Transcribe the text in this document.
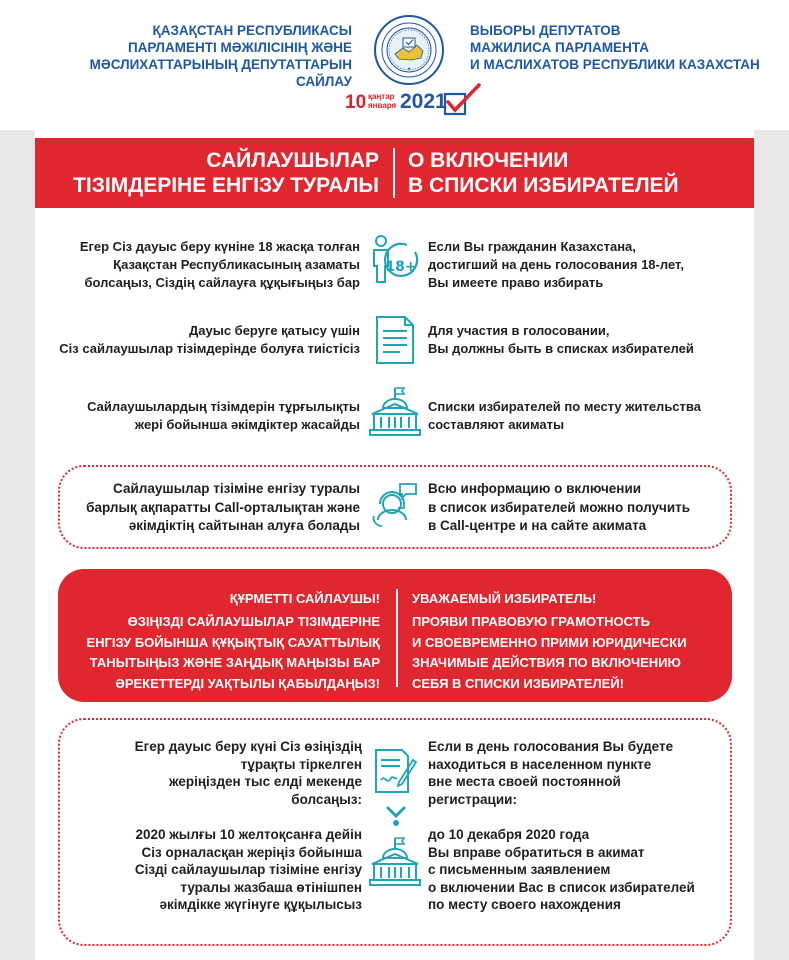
ҚАЗАҚСТАН РЕСПУБЛИКАСЫ
ПАРЛАМЕНТІ МӘЖІЛІСІНІҢ ЖӘНЕ
МӘСЛИХАТТАРЫНЫҢ ДЕПУТАТТАРЫН САЙЛАУ
★
ВЫБОРЫ ДЕПУТАТОВ
МАЖИЛИСА ПАРЛАМЕНТА
И МАСЛИХАТОВ РЕСПУБЛИКИ КАЗАХСТАН
10 қаңтар
января 2021
САЙЛАУШЫЛАР
ТІЗІМДЕРІНЕ ЕНГІЗУ ТУРАЛЫ
О ВКЛЮЧЕНИИ
В СПИСКИ ИЗБИРАТЕЛЕЙ
Егер Сіз дауыс беру күніне 18 жасқа толған
Қазақстан Республикасының азаматы
болсаңыз, Сіздің сайлауға құқығыңыз бар
18+
Если Вы гражданин Казахстана,
достигший на день голосования 18-лет,
Вы имеете право избирать
Дауыс беруге қатысу үшін
Сіз сайлаушылар тізімдерінде болуға тиістісіз
Для участия в голосовании,
Вы должны быть в списках избирателей
Сайлаушылардың тізімдерін тұрғылықты
жері бойынша әкімдіктер жасайды
Списки избирателей по месту жительства
составляют акиматы
Сайлаушылар тізіміне енгізу туралы
барлық ақпаратты Call-орталықтан және
әкімдіктің сайтынан алуға болады
Всю информацию о включении
в список избирателей можно получить
в Call-центре и на сайте акимата
ҚҰРМЕТТІ САЙЛАУШЫ! УВАЖАЕМЫЙ ИЗБИРАТЕЛЬ!
ӨЗІҢІЗДІ САЙЛАУШЫЛАР ТІЗІМДЕРІНЕ
ЕНГІЗУ БОЙЫНША ҚҰҚЫҚТЫҚ САУАТТЫЛЫҚ
ТАНЫТЫҢЫЗ ЖӘНЕ ЗАҢДЫҚ МАҢЫЗЫ БАР
ӘРЕКЕТТЕРДІ УАҚТЫЛЫ ҚАБЫЛДАҢЫЗ!
ПРОЯВИ ПРАВОВУЮ ГРАМОТНОСТЬ
И СВОЕВРЕМЕННО ПРИМИ ЮРИДИЧЕСКИ
ЗНАЧИМЫЕ ДЕЙСТВИЯ ПО ВКЛЮЧЕНИЮ
СЕБЯ В СПИСКИ ИЗБИРАТЕЛЕЙ!
Егер дауыс беру күні Сіз өзіңіздің
тұрақты тіркелген
жеріңізден тыс елді мекенде
болсаңыз:
Если в день голосования Вы будете
находиться в населенном пункте
вне места своей постоянной
регистрации:
2020 жылғы 10 желтоқсанға дейін
Сіз орналасқан жеріңіз бойынша
Сізді сайлаушылар тізіміне енгізу
туралы жазбаша өтінішпен
әкімдікке жүгінуге құқылысыз
до 10 декабря 2020 года
Вы вправе обратиться в акимат
с письменным заявлением
о включении Вас в список избирателей
по месту своего нахождения
